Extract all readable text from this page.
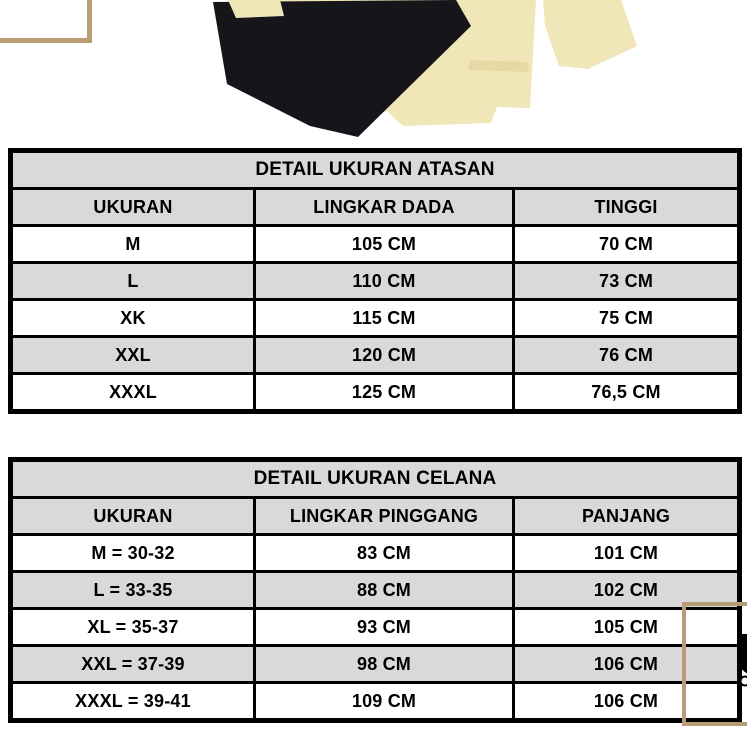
DETAIL UKURAN ATASAN		
UKURAN	LINGKAR DADA	TINGGI
M	105 CM	70 CM
L	110 CM	73 CM
XK	115 CM	75 CM
XXL	120 CM	76 CM
XXXL	125 CM	76,5 CM
DETAIL UKURAN CELANA		
UKURAN	LINGKAR PINGGANG	PANJANG
M = 30-32	83 CM	101 CM
L = 33-35	88 CM	102 CM
XL = 35-37	93 CM	105 CM
XXL = 37-39	98 CM	106 CM
XXXL = 39-41	109 CM	106 CM
